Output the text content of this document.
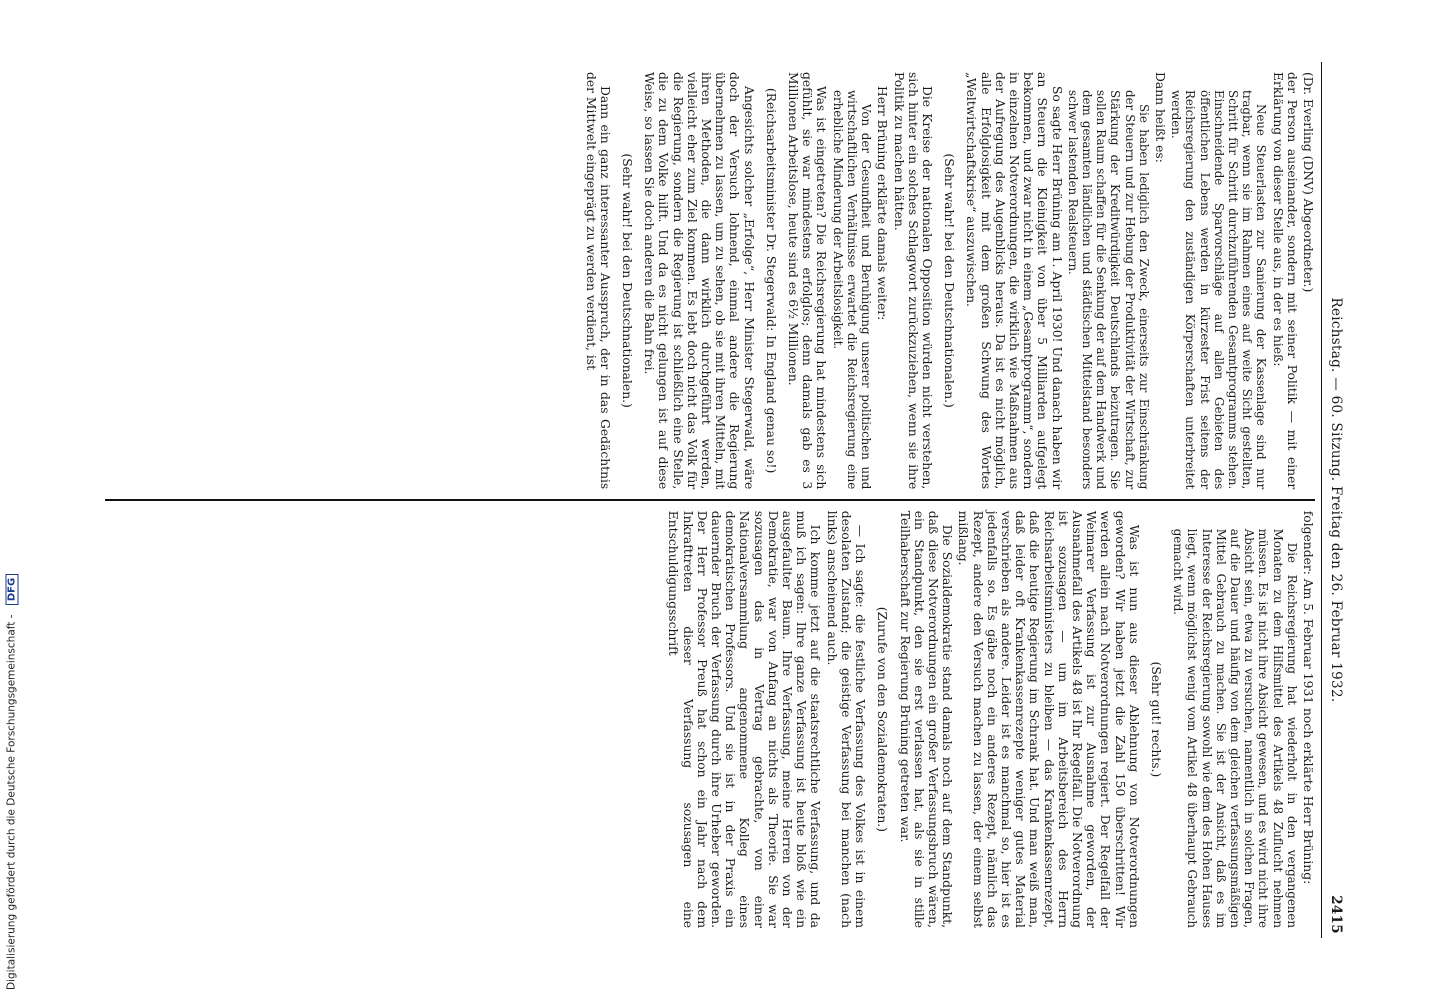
Digitalisierung gefördert durch die Deutsche Forschungsgemeinschaft - DFG	Reichstag. — 60. Sitzung. Freitag den 26. Februar 1932.
2415

(Dr. Everling (DNV) Abgeordneter.)

der Person auseinander, sondern mit seiner Politik — mit einer Erklärung von dieser Stelle aus, in der es hieß:

Neue Steuerlasten zur Sanierung der Kassenlage sind nur tragbar, wenn sie im Rahmen eines auf weite Sicht gestellten, Schritt für Schritt durchzuführenden Gesamtprogramms stehen. Einschneidende Sparvorschläge auf allen Gebieten des öffentlichen Lebens werden in kürzester Frist seitens der Reichsregierung den zuständigen Körperschaften unterbreitet werden.

Dann heißt es:

Sie haben lediglich den Zweck, einerseits zur Einschränkung der Steuern und zur Hebung der Produktivität der Wirtschaft, zur Stärkung der Kreditwürdigkeit Deutschlands beizutragen. Sie sollen Raum schaffen für die Senkung der auf dem Handwerk und dem gesamten ländlichen und städtischen Mittelstand besonders schwer lastenden Realsteuern.

So sagte Herr Brüning am 1. April 1930! Und danach haben wir an Steuern die Kleinigkeit von über 5 Milliarden aufgelegt bekommen, und zwar nicht in einem „Gesamtprogramm“, sondern in einzelnen Notverordnungen, die wirklich wie Maßnahmen aus der Aufregung des Augenblicks heraus. Da ist es nicht möglich, alle Erfolglosigkeit mit dem großen Schwung des Wortes „Weltwirtschaftskrise“ auszuwischen.

(Sehr wahr! bei den Deutschnationalen.)

Die Kreise der nationalen Opposition würden nicht verstehen, sich hinter ein solches Schlagwort zurückzuziehen, wenn sie ihre Politik zu machen hätten.

Herr Brüning erklärte damals weiter:

Von der Gesundheit und Beruhigung unserer politischen und wirtschaftlichen Verhältnisse erwartet die Reichsregierung eine erhebliche Minderung der Arbeitslosigkeit.

Was ist eingetreten? Die Reichsregierung hat mindestens sich gefühlt, sie war mindestens erfolglos; denn damals gab es 3 Millionen Arbeitslose, heute sind es 6½ Millionen.

(Reichsarbeitsminister Dr. Stegerwald: In England genau so!)

Angesichts solcher „Erfolge“, Herr Minister Stegerwald, wäre doch der Versuch lohnend, einmal andere die Regierung übernehmen zu lassen, um zu sehen, ob sie mit ihren Mitteln, mit ihren Methoden, die dann wirklich durchgeführt werden, vielleicht eher zum Ziel kommen. Es lebt doch nicht das Volk für die Regierung, sondern die Regierung ist schließlich eine Stelle, die zu dem Volke hilft. Und da es nicht gelungen ist auf diese Weise, so lassen Sie doch anderen die Bahn frei.

(Sehr wahr! bei den Deutschnationalen.)

Dann ein ganz interessanter Ausspruch, der in das Gedächtnis der Mittwelt eingeprägt zu werden verdient, ist

folgender: Am 5. Februar 1931 noch erklärte Herr Brüning:

Die Reichsregierung hat wiederholt in den vergangenen Monaten zu dem Hilfsmittel des Artikels 48 Zuflucht nehmen müssen. Es ist nicht ihre Absicht gewesen, und es wird nicht ihre Absicht sein, etwa zu versuchen, namentlich in solchen Fragen, auf die Dauer und häufig von dem gleichen verfassungsmäßigen Mittel Gebrauch zu machen. Sie ist der Ansicht, daß es im Interesse der Reichsregierung sowohl wie dem des Hohen Hauses liegt, wenn möglichst wenig vom Artikel 48 überhaupt Gebrauch gemacht wird.

(Sehr gut! rechts.)

Was ist nun aus dieser Ablehnung von Notverordnungen geworden? Wir haben jetzt die Zahl 150 überschritten! Wir werden allein nach Notverordnungen regiert. Der Regelfall der Weimarer Verfassung ist zur Ausnahme geworden, der Ausnahmefall des Artikels 48 ist Ihr Regelfall. Die Notverordnung ist sozusagen — um im Arbeitsbereich des Herrn Reichsarbeitsministers zu bleiben — das Krankenkassenrezept, daß die heutige Regierung im Schrank hat. Und man weiß man, daß leider oft Krankenkassenrezepte weniger gutes Material verschrieben als andere. Leider ist es manchmal so, hier ist es jedenfalls so. Es gäbe noch ein anderes Rezept, nämlich das Rezept, andere den Versuch machen zu lassen, der einem selbst mißlang.

Die Sozialdemokratie stand damals noch auf dem Standpunkt, daß diese Notverordnungen ein großer Verfassungsbruch wären, ein Standpunkt, den sie erst verlassen hat, als sie in stille Teilhaberschaft zur Regierung Brüning getreten war.

(Zurufe von den Sozialdemokraten.)

— Ich sagte: die festliche Verfassung des Volkes ist in einem desolaten Zustand; die geistige Verfassung bei manchen (nach links) anscheinend auch.

Ich komme jetzt auf die staatsrechtliche Verfassung, und da muß ich sagen: Ihre ganze Verfassung ist heute bloß wie ein ausgefaulter Baum. Ihre Verfassung, meine Herren von der Demokratie, war von Anfang an nichts als Theorie. Sie war sozusagen das in Vertrag gebrachte, von einer Nationalversammlung angenommene Kolleg eines demokratischen Professors. Und sie ist in der Praxis ein dauernder Bruch der Verfassung durch ihre Urheber geworden. Der Herr Professor Preuß hat schon ein Jahr nach dem Inkrafttreten dieser Verfassung sozusagen eine Entschuldigungsschrift
